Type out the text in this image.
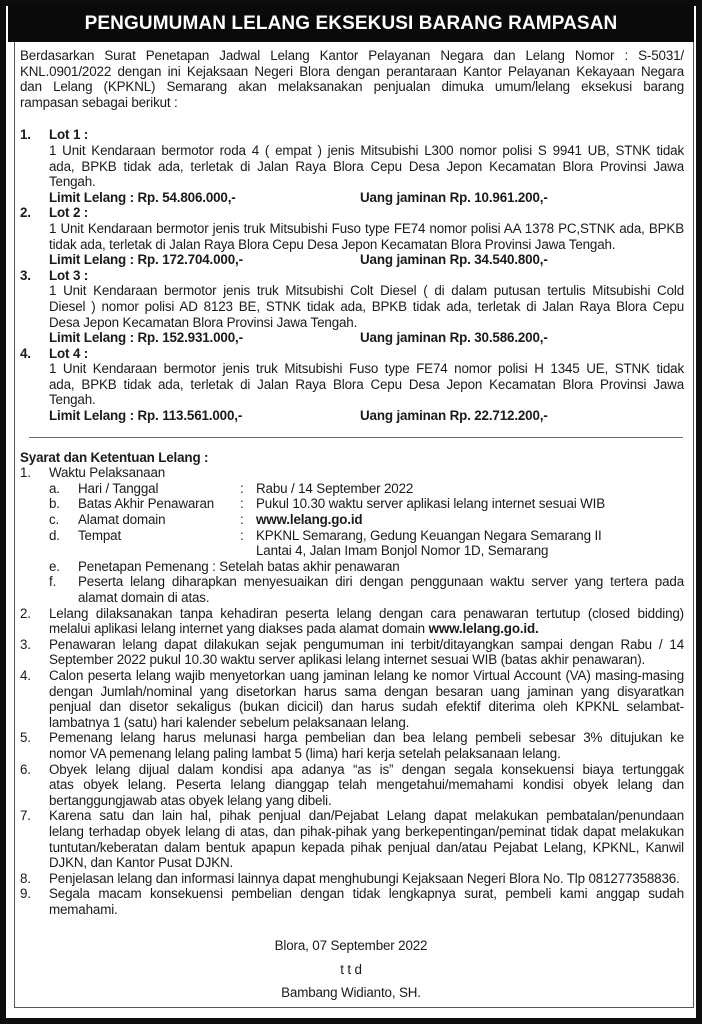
PENGUMUMAN LELANG EKSEKUSI BARANG RAMPASAN

Berdasarkan Surat Penetapan Jadwal Lelang Kantor Pelayanan Negara dan Lelang Nomor : S-5031/
KNL.0901/2022 dengan ini Kejaksaan Negeri Blora dengan perantaraan Kantor Pelayanan Kekayaan Negara
dan Lelang (KPKNL) Semarang akan melaksanakan penjualan dimuka umum/lelang eksekusi barang
rampasan sebagai berikut :

1. Lot 1 :
1 Unit Kendaraan bermotor roda 4 ( empat ) jenis Mitsubishi L300 nomor polisi S 9941 UB, STNK tidak
ada, BPKB tidak ada, terletak di Jalan Raya Blora Cepu Desa Jepon Kecamatan Blora Provinsi Jawa
Tengah.
Limit Lelang : Rp. 54.806.000,-	Uang jaminan Rp. 10.961.200,-
2. Lot 2 :
1 Unit Kendaraan bermotor jenis truk Mitsubishi Fuso type FE74 nomor polisi AA 1378 PC,STNK ada, BPKB
tidak ada, terletak di Jalan Raya Blora Cepu Desa Jepon Kecamatan Blora Provinsi Jawa Tengah.
Limit Lelang : Rp. 172.704.000,-	Uang jaminan Rp. 34.540.800,-
3. Lot 3 :
1 Unit Kendaraan bermotor jenis truk Mitsubishi Colt Diesel ( di dalam putusan tertulis Mitsubishi Cold
Diesel ) nomor polisi AD 8123 BE, STNK tidak ada, BPKB tidak ada, terletak di Jalan Raya Blora Cepu
Desa Jepon Kecamatan Blora Provinsi Jawa Tengah.
Limit Lelang : Rp. 152.931.000,-	Uang jaminan Rp. 30.586.200,-
4. Lot 4 :
1 Unit Kendaraan bermotor jenis truk Mitsubishi Fuso type FE74 nomor polisi H 1345 UE, STNK tidak
ada, BPKB tidak ada, terletak di Jalan Raya Blora Cepu Desa Jepon Kecamatan Blora Provinsi Jawa
Tengah.
Limit Lelang : Rp. 113.561.000,-	Uang jaminan Rp. 22.712.200,-
Syarat dan Ketentuan Lelang :
1. Waktu Pelaksanaan
a. Hari / Tanggal	: Rabu / 14 September 2022
b. Batas Akhir Penawaran : Pukul 10.30 waktu server aplikasi lelang internet sesuai WIB
c. Alamat domain	: www.lelang.go.id
d. Tempat	: KPKNL Semarang, Gedung Keuangan Negara Semarang II
Lantai 4, Jalan Imam Bonjol Nomor 1D, Semarang
e. Penetapan Pemenang : Setelah batas akhir penawaran
f. Peserta lelang diharapkan menyesuaikan diri dengan penggunaan waktu server yang tertera pada
alamat domain di atas.
2. Lelang dilaksanakan tanpa kehadiran peserta lelang dengan cara penawaran tertutup (closed bidding)
melalui aplikasi lelang internet yang diakses pada alamat domain www.lelang.go.id.
3. Penawaran lelang dapat dilakukan sejak pengumuman ini terbit/ditayangkan sampai dengan Rabu / 14
September 2022 pukul 10.30 waktu server aplikasi lelang internet sesuai WIB (batas akhir penawaran).
4. Calon peserta lelang wajib menyetorkan uang jaminan lelang ke nomor Virtual Account (VA) masing-masing
dengan Jumlah/nominal yang disetorkan harus sama dengan besaran uang jaminan yang disyaratkan
penjual dan disetor sekaligus (bukan dicicil) dan harus sudah efektif diterima oleh KPKNL selambat-
lambatnya 1 (satu) hari kalender sebelum pelaksanaan lelang.
5. Pemenang lelang harus melunasi harga pembelian dan bea lelang pembeli sebesar 3% ditujukan ke
nomor VA pemenang lelang paling lambat 5 (lima) hari kerja setelah pelaksanaan lelang.
6. Obyek lelang dijual dalam kondisi apa adanya “as is” dengan segala konsekuensi biaya tertunggak
atas obyek lelang. Peserta lelang dianggap telah mengetahui/memahami kondisi obyek lelang dan
bertanggungjawab atas obyek lelang yang dibeli.
7. Karena satu dan lain hal, pihak penjual dan/Pejabat Lelang dapat melakukan pembatalan/penundaan
lelang terhadap obyek lelang di atas, dan pihak-pihak yang berkepentingan/peminat tidak dapat melakukan
tuntutan/keberatan dalam bentuk apapun kepada pihak penjual dan/atau Pejabat Lelang, KPKNL, Kanwil
DJKN, dan Kantor Pusat DJKN.
8. Penjelasan lelang dan informasi lainnya dapat menghubungi Kejaksaan Negeri Blora No. Tlp 081277358836.
9. Segala macam konsekuensi pembelian dengan tidak lengkapnya surat, pembeli kami anggap sudah
memahami.
Blora, 07 September 2022
t t d
Bambang Widianto, SH.
